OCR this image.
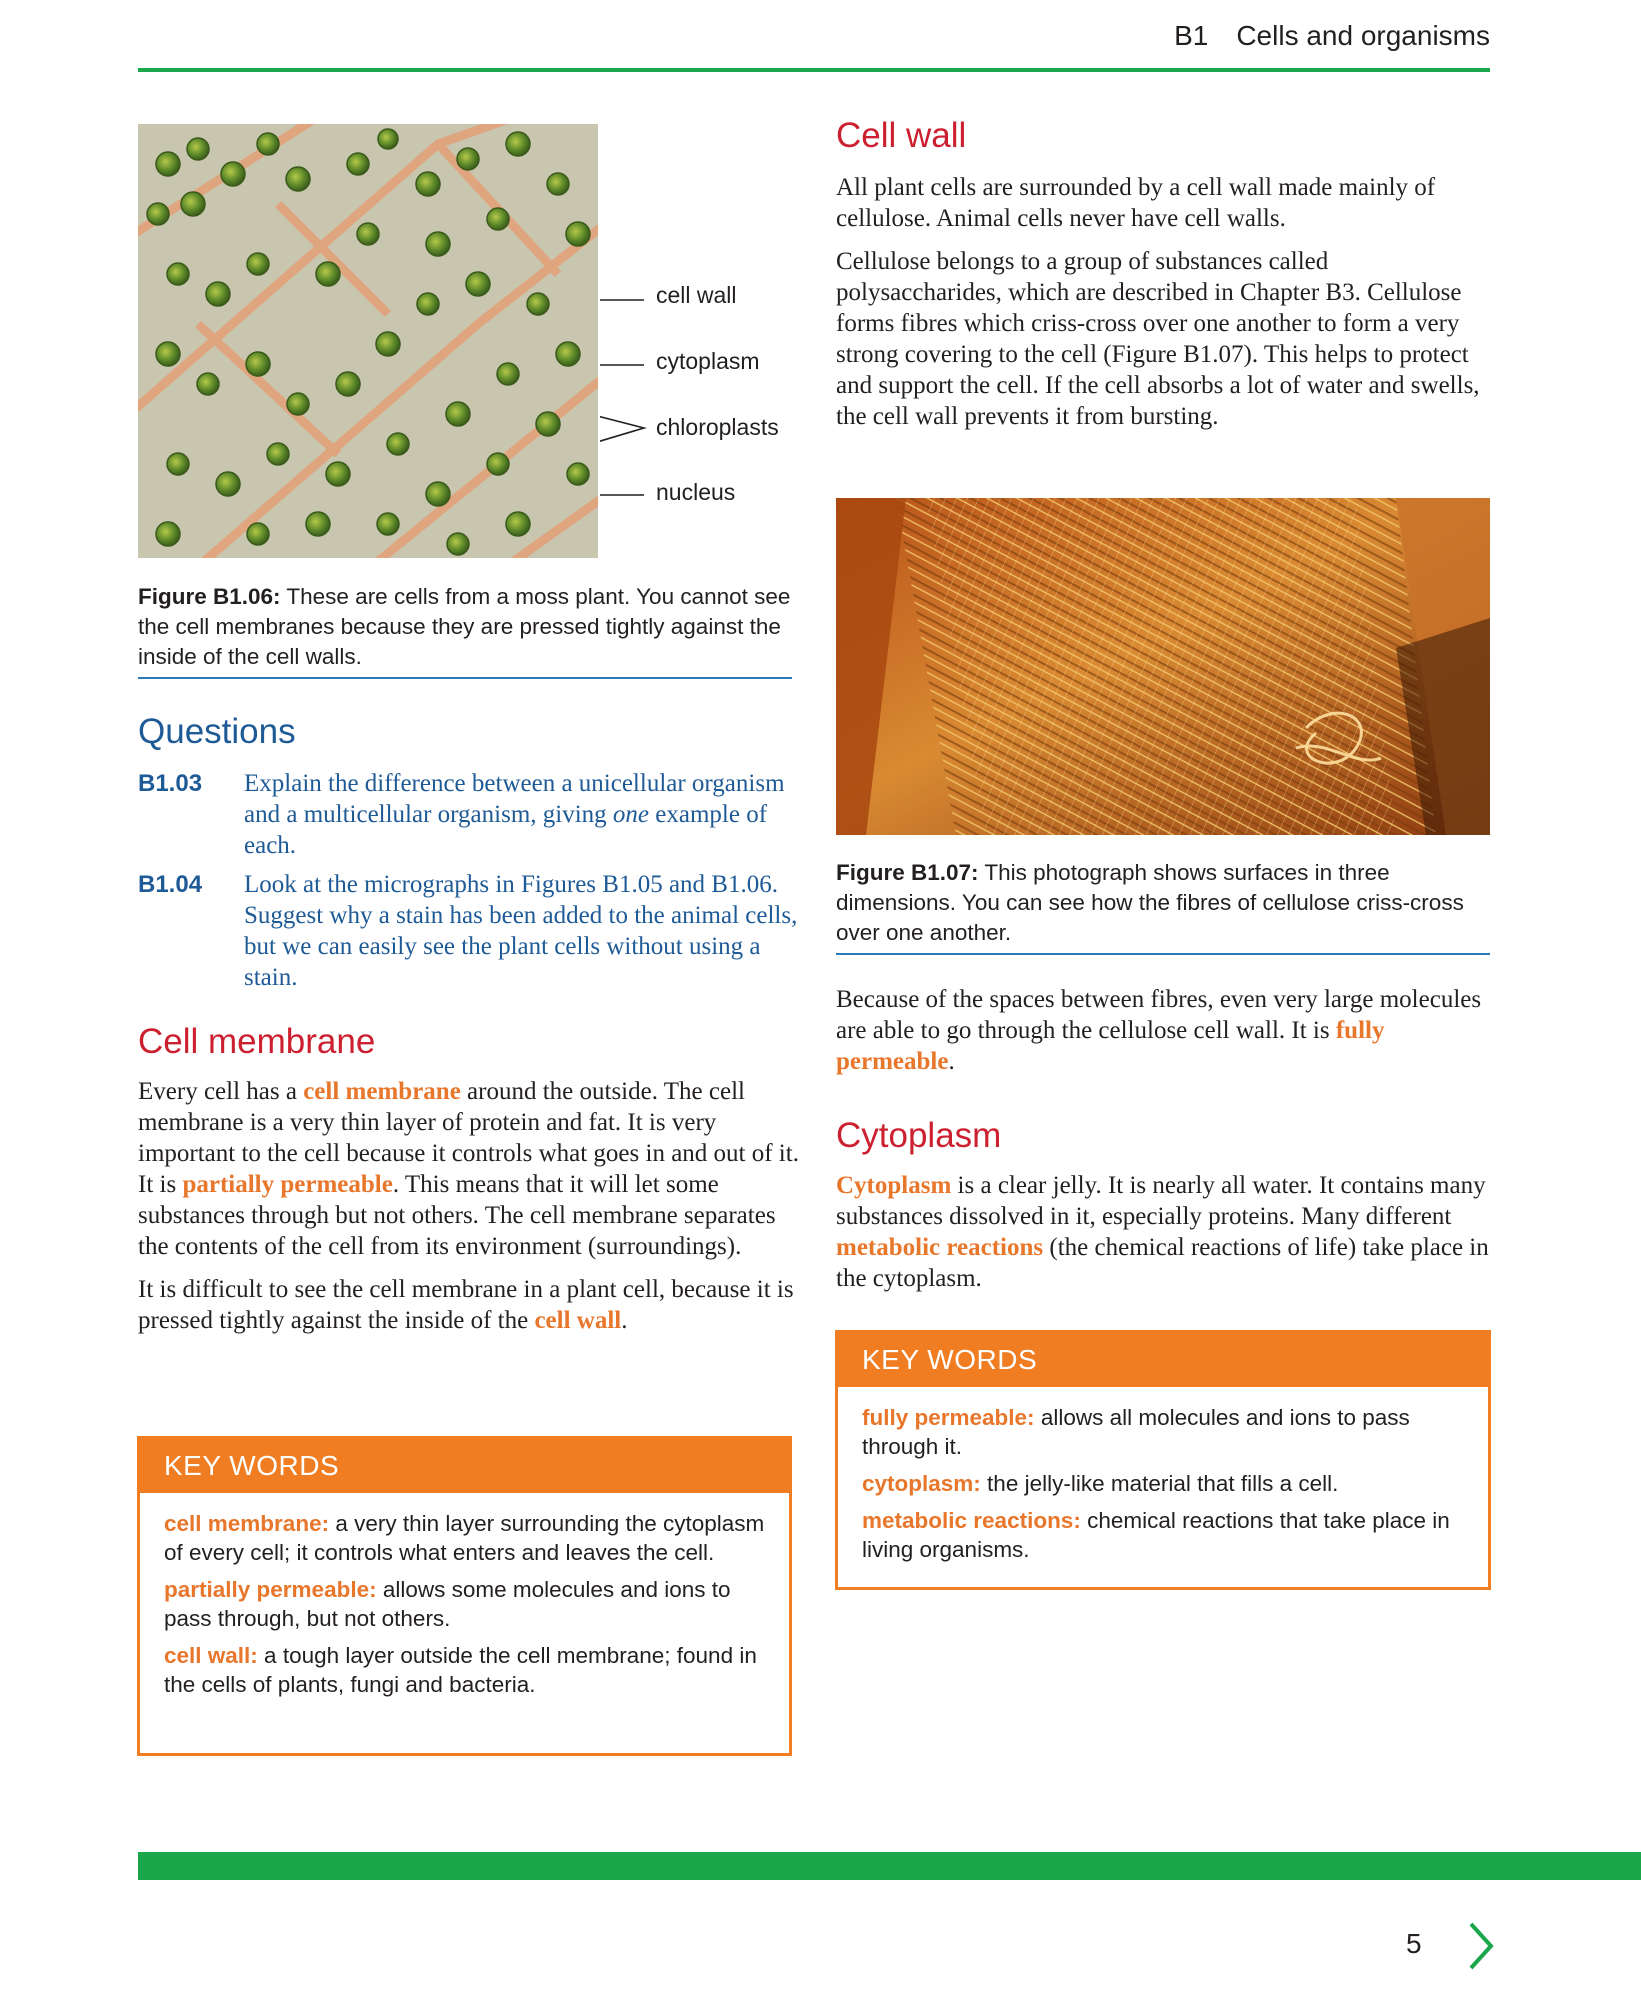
B1 Cells and organisms
cell wall
cytoplasm
chloroplasts
nucleus
Figure B1.06: These are cells from a moss plant. You cannot see the cell membranes because they are pressed tightly against the inside of the cell walls.
Questions
B1.03	Explain the difference between a unicellular organism and a multicellular organism, giving one example of each.
B1.04	Look at the micrographs in Figures B1.05 and B1.06. Suggest why a stain has been added to the animal cells, but we can easily see the plant cells without using a stain.
Cell membrane

Every cell has a cell membrane around the outside. The cell membrane is a very thin layer of protein and fat. It is very important to the cell because it controls what goes in and out of it. It is partially permeable. This means that it will let some substances through but not others. The cell membrane separates the contents of the cell from its environment (surroundings).

It is difficult to see the cell membrane in a plant cell, because it is pressed tightly against the inside of the cell wall.

KEY WORDS
cell membrane: a very thin layer surrounding the cytoplasm of every cell; it controls what enters and leaves the cell.
partially permeable: allows some molecules and ions to pass through, but not others.
cell wall: a tough layer outside the cell membrane; found in the cells of plants, fungi and bacteria.
Cell wall

All plant cells are surrounded by a cell wall made mainly of cellulose. Animal cells never have cell walls.

Cellulose belongs to a group of substances called polysaccharides, which are described in Chapter B3. Cellulose forms fibres which criss-cross over one another to form a very strong covering to the cell (Figure B1.07). This helps to protect and support the cell. If the cell absorbs a lot of water and swells, the cell wall prevents it from bursting.

Figure B1.07: This photograph shows surfaces in three dimensions. You can see how the fibres of cellulose criss-cross over one another.

Because of the spaces between fibres, even very large molecules are able to go through the cellulose cell wall. It is fully permeable.

Cytoplasm

Cytoplasm is a clear jelly. It is nearly all water. It contains many substances dissolved in it, especially proteins. Many different metabolic reactions (the chemical reactions of life) take place in the cytoplasm.

KEY WORDS
fully permeable: allows all molecules and ions to pass through it.
cytoplasm: the jelly-like material that fills a cell.
metabolic reactions: chemical reactions that take place in living organisms.
5
